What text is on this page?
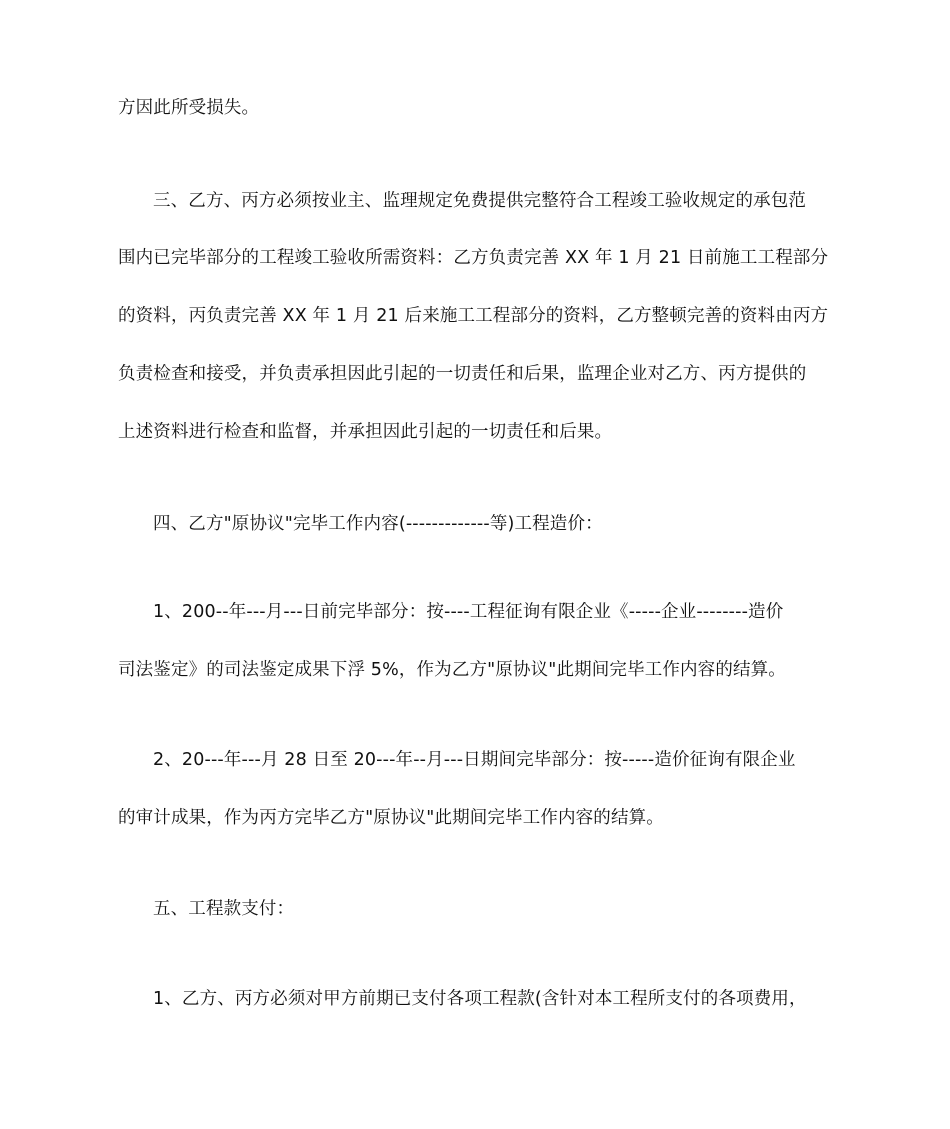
方因此所受损失。
三、乙方、丙方必须按业主、监理规定免费提供完整符合工程竣工验收规定的承包范
围内已完毕部分的工程竣工验收所需资料：乙方负责完善 XX 年 1 月 21 日前施工工程部分
的资料，丙负责完善 XX 年 1 月 21 后来施工工程部分的资料，乙方整顿完善的资料由丙方
负责检查和接受，并负责承担因此引起的一切责任和后果，监理企业对乙方、丙方提供的
上述资料进行检查和监督，并承担因此引起的一切责任和后果。
四、乙方"原协议"完毕工作内容(-------------等)工程造价：
1、200--年---月---日前完毕部分：按----工程征询有限企业《-----企业--------造价
司法鉴定》的司法鉴定成果下浮 5%，作为乙方"原协议"此期间完毕工作内容的结算。
2、20---年---月 28 日至 20---年--月---日期间完毕部分：按-----造价征询有限企业
的审计成果，作为丙方完毕乙方"原协议"此期间完毕工作内容的结算。
五、工程款支付：
1、乙方、丙方必须对甲方前期已支付各项工程款(含针对本工程所支付的各项费用，
